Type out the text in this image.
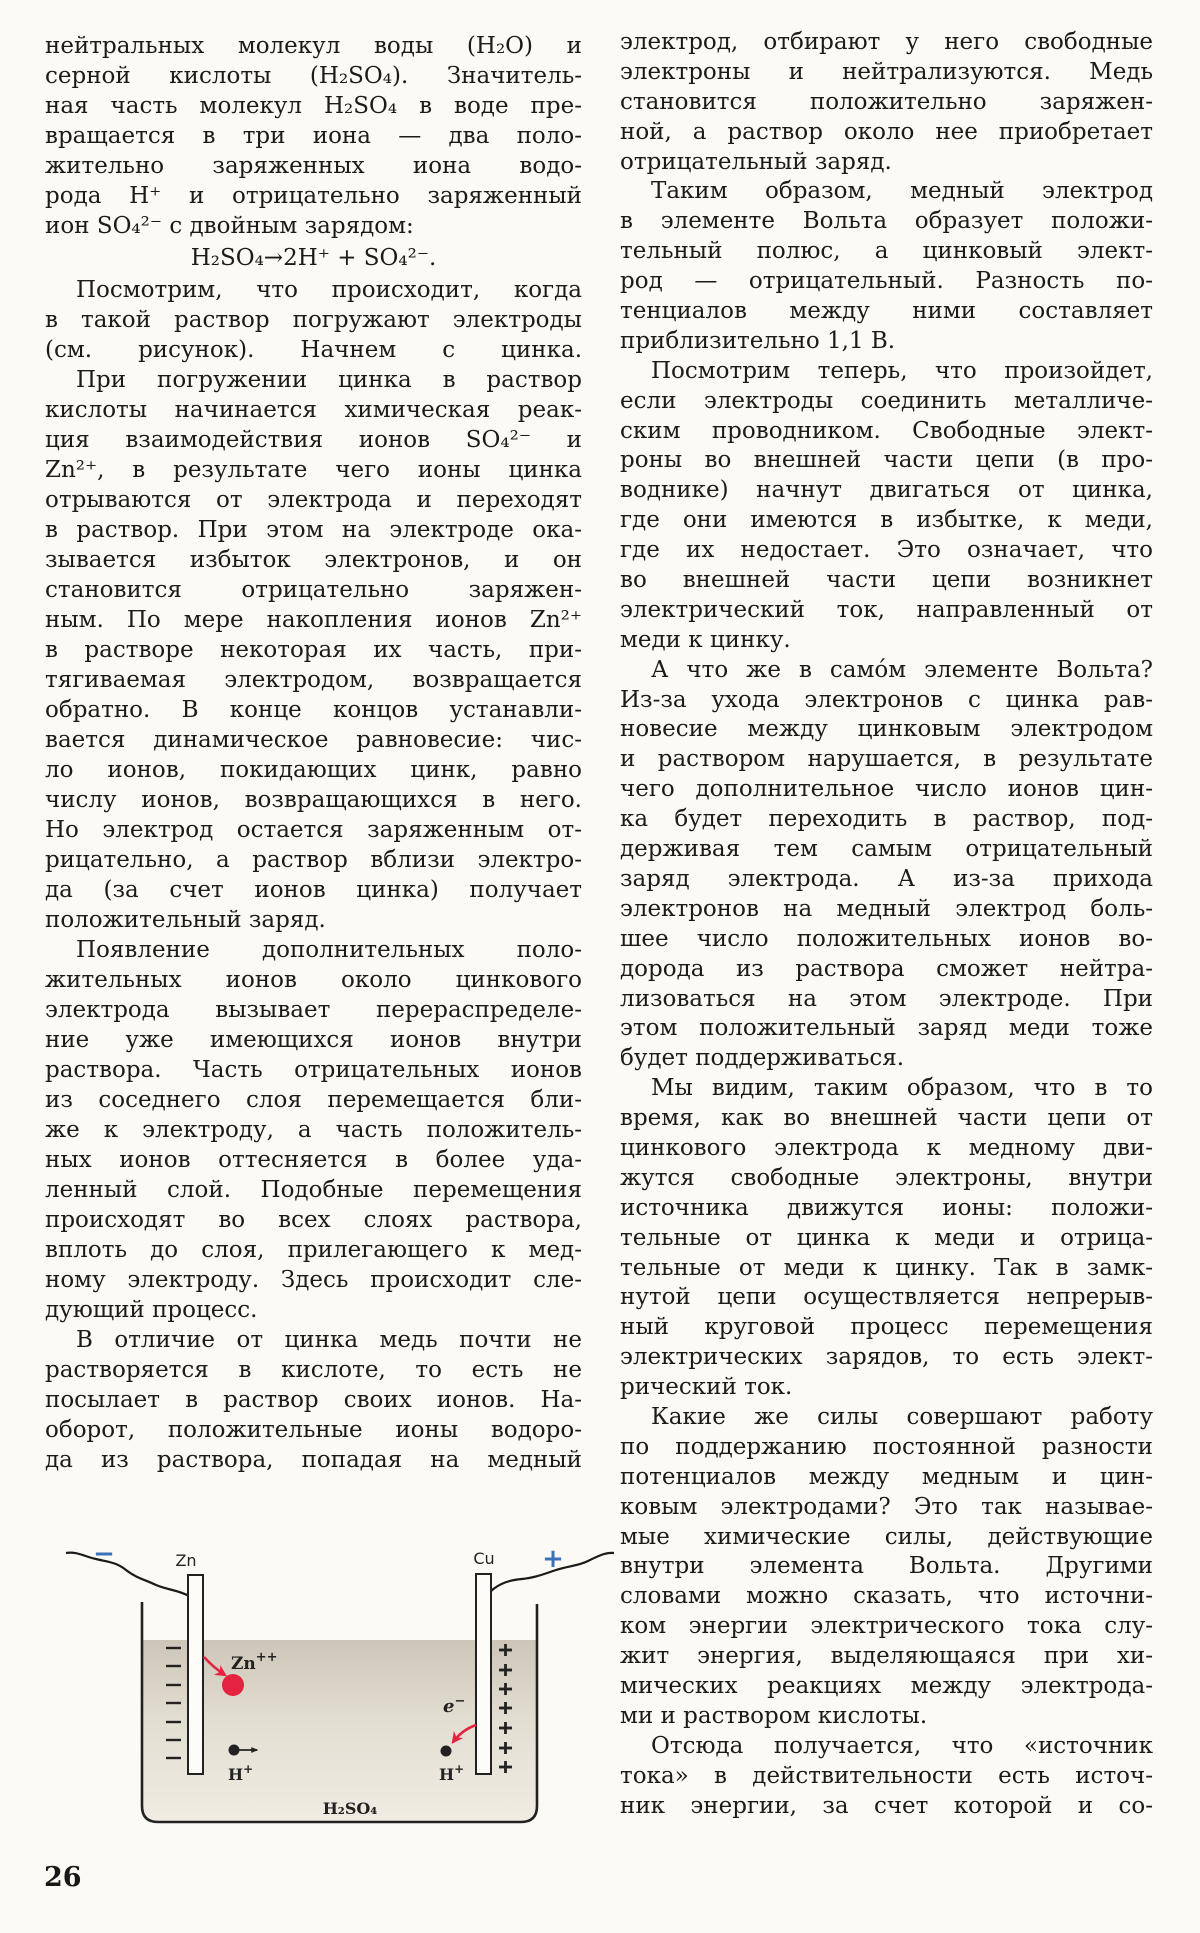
нейтральных молекул воды (H₂O) и
серной кислоты (H₂SO₄). Значитель-
ная часть молекул H₂SO₄ в воде пре-
вращается в три иона — два поло-
жительно заряженных иона водо-
рода H⁺ и отрицательно заряженный
ион SO₄²⁻ с двойным зарядом:
H₂SO₄→2H⁺ + SO₄²⁻.
Посмотрим, что происходит, когда
в такой раствор погружают электроды
(см. рисунок). Начнем с цинка.
При погружении цинка в раствор
кислоты начинается химическая реак-
ция взаимодействия ионов SO₄²⁻ и
Zn²⁺, в результате чего ионы цинка
отрываются от электрода и переходят
в раствор. При этом на электроде ока-
зывается избыток электронов, и он
становится отрицательно заряжен-
ным. По мере накопления ионов Zn²⁺
в растворе некоторая их часть, при-
тягиваемая электродом, возвращается
обратно. В конце концов устанавли-
вается динамическое равновесие: чис-
ло ионов, покидающих цинк, равно
числу ионов, возвращающихся в него.
Но электрод остается заряженным от-
рицательно, а раствор вблизи электро-
да (за счет ионов цинка) получает
положительный заряд.
Появление дополнительных поло-
жительных ионов около цинкового
электрода вызывает перераспределе-
ние уже имеющихся ионов внутри
раствора. Часть отрицательных ионов
из соседнего слоя перемещается бли-
же к электроду, а часть положитель-
ных ионов оттесняется в более уда-
ленный слой. Подобные перемещения
происходят во всех слоях раствора,
вплоть до слоя, прилегающего к мед-
ному электроду. Здесь происходит сле-
дующий процесс.
В отличие от цинка медь почти не
растворяется в кислоте, то есть не
посылает в раствор своих ионов. На-
оборот, положительные ионы водоро-
да из раствора, попадая на медный
электрод, отбирают у него свободные
электроны и нейтрализуются. Медь
становится положительно заряжен-
ной, а раствор около нее приобретает
отрицательный заряд.
Таким образом, медный электрод
в элементе Вольта образует положи-
тельный полюс, а цинковый элект-
род — отрицательный. Разность по-
тенциалов между ними составляет
приблизительно 1,1 В.
Посмотрим теперь, что произойдет,
если электроды соединить металличе-
ским проводником. Свободные элект-
роны во внешней части цепи (в про-
воднике) начнут двигаться от цинка,
где они имеются в избытке, к меди,
где их недостает. Это означает, что
во внешней части цепи возникнет
электрический ток, направленный от
меди к цинку.
А что же в само́м элементе Вольта?
Из-за ухода электронов с цинка рав-
новесие между цинковым электродом
и раствором нарушается, в результате
чего дополнительное число ионов цин-
ка будет переходить в раствор, под-
держивая тем самым отрицательный
заряд электрода. А из-за прихода
электронов на медный электрод боль-
шее число положительных ионов во-
дорода из раствора сможет нейтра-
лизоваться на этом электроде. При
этом положительный заряд меди тоже
будет поддерживаться.
Мы видим, таким образом, что в то
время, как во внешней части цепи от
цинкового электрода к медному дви-
жутся свободные электроны, внутри
источника движутся ионы: положи-
тельные от цинка к меди и отрица-
тельные от меди к цинку. Так в замк-
нутой цепи осуществляется непрерыв-
ный круговой процесс перемещения
электрических зарядов, то есть элект-
рический ток.
Какие же силы совершают работу
по поддержанию постоянной разности
потенциалов между медным и цин-
ковым электродами? Это так называе-
мые химические силы, действующие
внутри элемента Вольта. Другими
словами можно сказать, что источни-
ком энергии электрического тока слу-
жит энергия, выделяющаяся при хи-
мических реакциях между электрода-
ми и раствором кислоты.
Отсюда получается, что «источник
тока» в действительности есть источ-
ник энергии, за счет которой и со-
−	+
Zn	Cu
Zn++
H+
e−
H+
H₂SO₄
26
